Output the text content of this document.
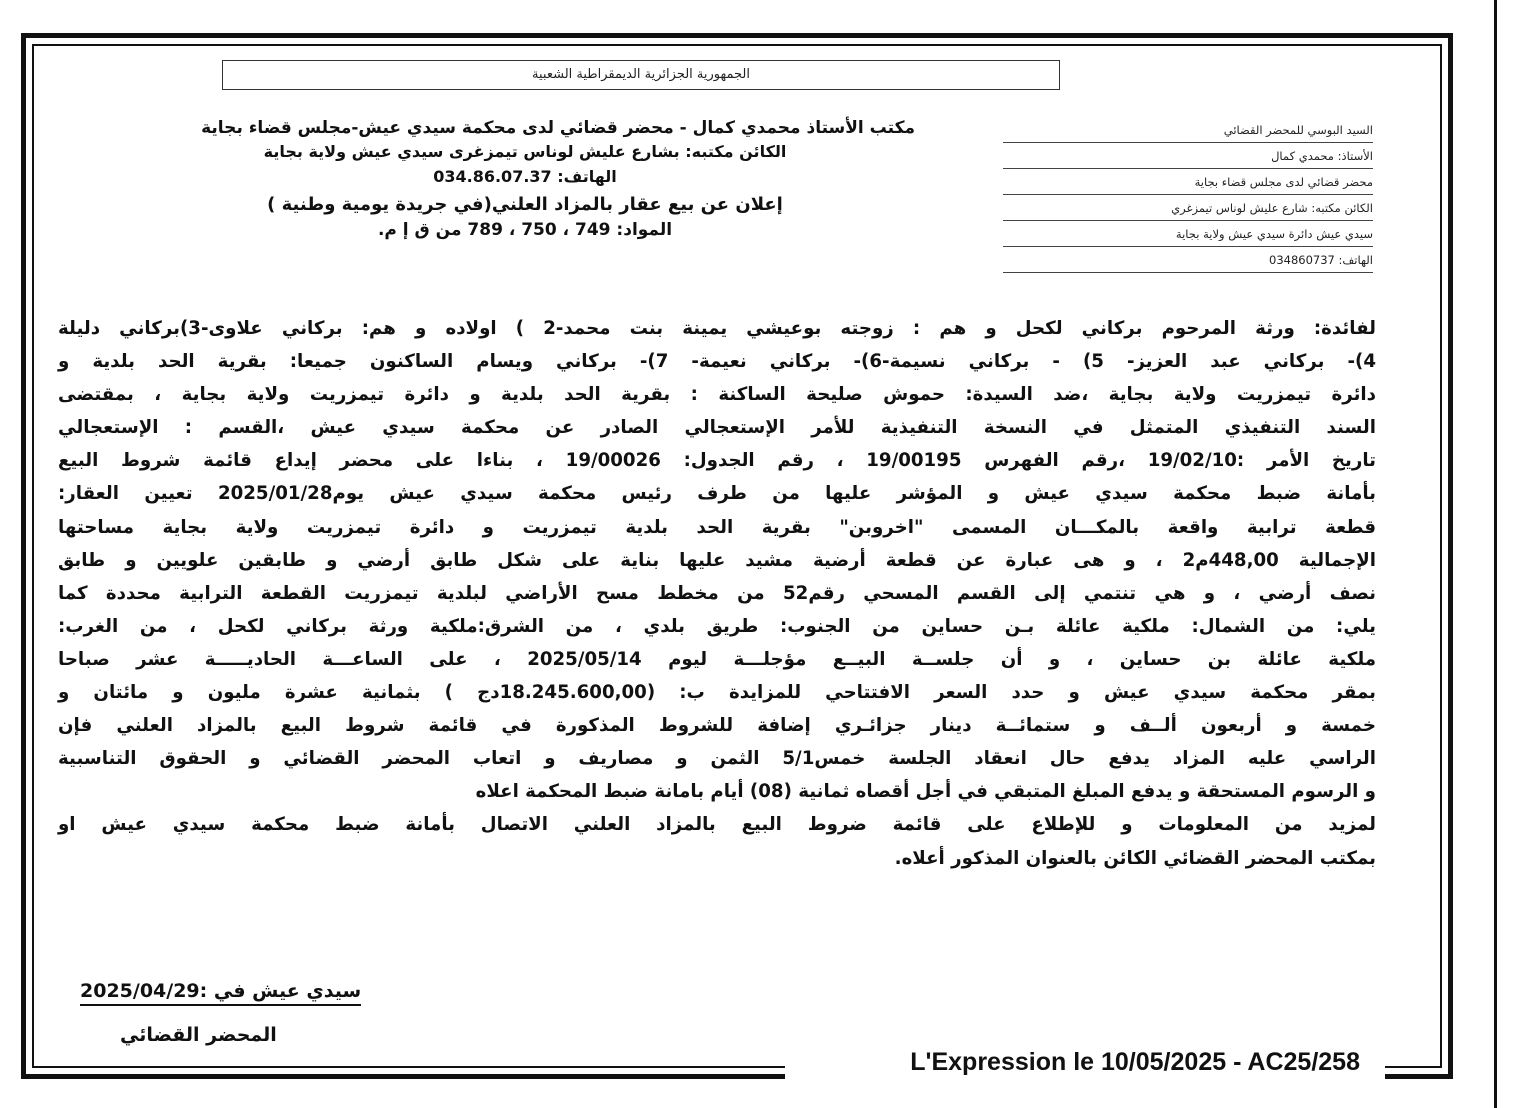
الجمهورية الجزائرية الديمقراطية الشعبية
مكتب الأستاذ محمدي كمال - محضر قضائي لدى محكمة سيدي عيش-مجلس قضاء بجاية
الكائن مكتبه: بشارع عليش لوناس تيمزغرى سيدي عيش ولاية بجاية
الهاتف: 034.86.07.37
إعلان عن بيع عقار بالمزاد العلني(في جريدة يومية وطنية )
المواد: 749 ، 750 ، 789 من ق إ م.
السيد البوسي للمحضر القضائي
الأستاذ: محمدي كمال
محضر قضائي لدى مجلس قضاء بجاية
الكائن مكتبه: شارع عليش لوناس تيمزغري
سيدي عيش دائرة سيدي عيش ولاية بجاية
الهاتف: 034860737
لفائدة: ورثة المرحوم بركاني لكحل و هم : زوجته بوعيشي يمينة بنت محمد-2 ) اولاده و هم: بركاني علاوى-3)بركاني دليلة
4)- بركاني عبد العزيز- 5) - بركاني نسيمة-6)- بركاني نعيمة- 7)- بركاني ويسام الساكنون جميعا: بقرية الحد بلدية و
دائرة تيمزريت ولاية بجاية ،ضد السيدة: حموش صليحة الساكنة : بقرية الحد بلدية و دائرة تيمزريت ولاية بجاية ، بمقتضى
السند التنفيذي المتمثل في النسخة التنفيذية للأمر الإستعجالي الصادر عن محكمة سيدي عيش ،القسم : الإستعجالي
تاريخ الأمر :19/02/10 ،رقم الفهرس 19/00195 ، رقم الجدول: 19/00026 ، بناءا على محضر إيداع قائمة شروط البيع
بأمانة ضبط محكمة سيدي عيش و المؤشر عليها من طرف رئيس محكمة سيدي عيش يوم2025/01/28 تعيين العقار:
قطعة ترابية واقعة بالمكـــان المسمى "اخروبن" بقرية الحد بلدية تيمزريت و دائرة تيمزريت ولاية بجاية مساحتها
الإجمالية 448,00م2 ، و هى عبارة عن قطعة أرضية مشيد عليها بناية على شكل طابق أرضي و طابقين علويين و طابق
نصف أرضي ، و هي تنتمي إلى القسم المسحي رقم52 من مخطط مسح الأراضي لبلدية تيمزريت القطعة الترابية محددة كما
يلي: من الشمال: ملكية عائلة بـن حساين من الجنوب: طريق بلدي ، من الشرق:ملكية ورثة بركاني لكحل ، من الغرب:
ملكية عائلة بن حساين ، و أن جلســة البيــع مؤجلـــة ليوم 2025/05/14 ، على الساعـــة الحاديـــــة عشر صباحا
بمقر محكمة سيدي عيش و حدد السعر الافتتاحي للمزايدة ب: (18.245.600,00دج ) بثمانية عشرة مليون و مائتان و
خمسة و أربعون ألــف و ستمائــة دينار جزائـري إضافة للشروط المذكورة في قائمة شروط البيع بالمزاد العلني فإن
الراسي عليه المزاد يدفع حال انعقاد الجلسة خمس5/1 الثمن و مصاريف و اتعاب المحضر القضائي و الحقوق التناسبية
و الرسوم المستحقة و يدفع المبلغ المتبقي في أجل أقصاه ثمانية (08) أيام بامانة ضبط المحكمة اعلاه
لمزيد من المعلومات و للإطلاع على قائمة ضروط البيع بالمزاد العلني الاتصال بأمانة ضبط محكمة سيدي عيش او
بمكتب المحضر القضائي الكائن بالعنوان المذكور أعلاه.
سيدي عيش في :2025/04/29
المحضر القضائي
L'Expression le 10/05/2025 - AC25/258
